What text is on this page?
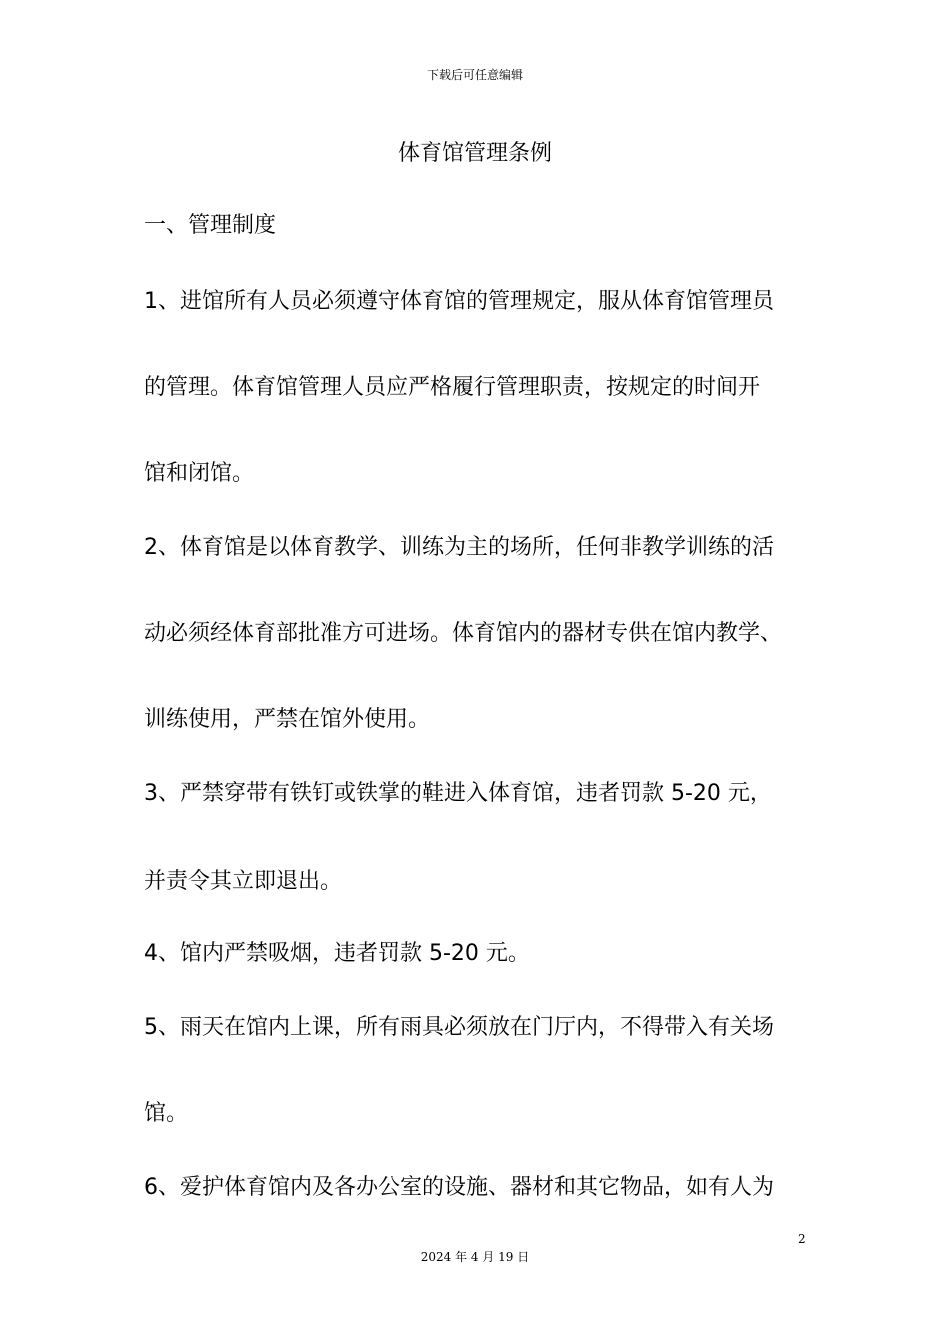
下载后可任意编辑
体育馆管理条例
一、管理制度
1、进馆所有人员必须遵守体育馆的管理规定，服从体育馆管理员
的管理。体育馆管理人员应严格履行管理职责，按规定的时间开
馆和闭馆。
2、体育馆是以体育教学、训练为主的场所，任何非教学训练的活
动必须经体育部批准方可进场。体育馆内的器材专供在馆内教学、
训练使用，严禁在馆外使用。
3、严禁穿带有铁钉或铁掌的鞋进入体育馆，违者罚款 5-20 元，
并责令其立即退出。
4、馆内严禁吸烟，违者罚款 5-20 元。
5、雨天在馆内上课，所有雨具必须放在门厅内，不得带入有关场
馆。
6、爱护体育馆内及各办公室的设施、器材和其它物品，如有人为
2
2024 年 4 月 19 日
